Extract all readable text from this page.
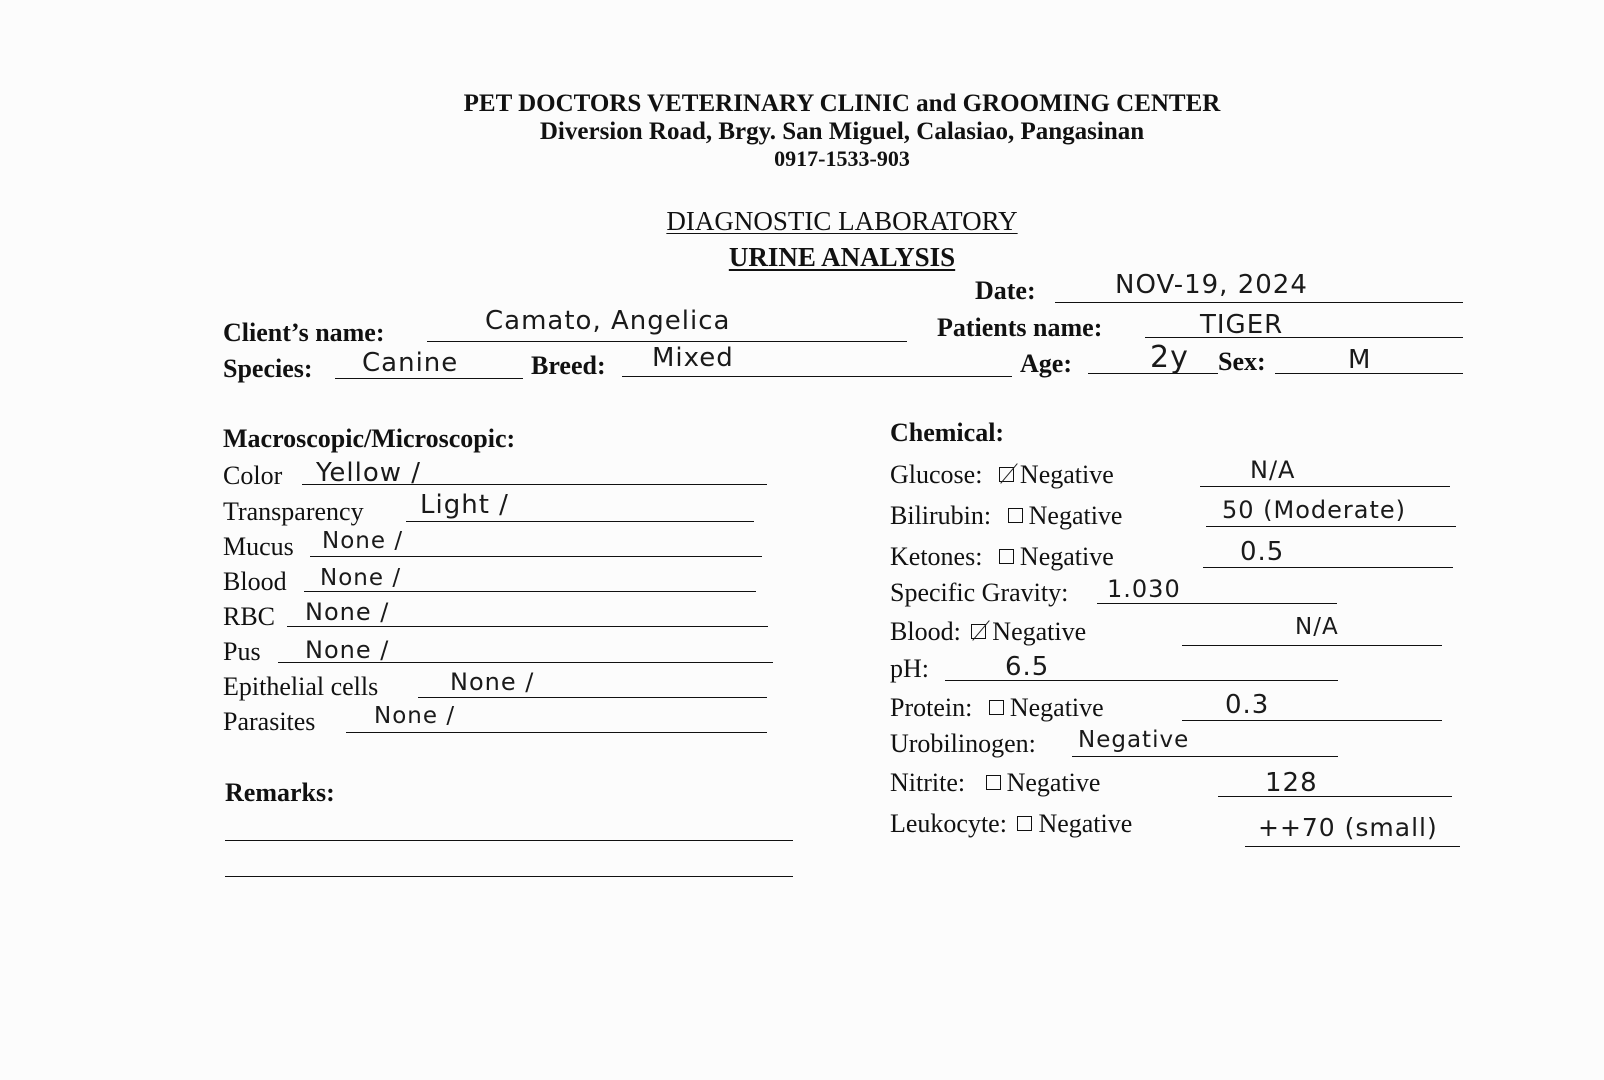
PET DOCTORS VETERINARY CLINIC and GROOMING CENTER
Diversion Road, Brgy. San Miguel, Calasiao, Pangasinan
0917-1533-903
DIAGNOSTIC LABORATORY
URINE ANALYSIS
Date:	NOV-19, 2024
Client’s name:	Camato, Angelica	Patients name:	TIGER
Species: Canine	Breed: Mixed	Age:	2y Sex:	M
Macroscopic/Microscopic:
Color Yellow /
Transparency Light /
Mucus None /
Blood None /
RBC None /
Pus None /
Epithelial cells	None /
Parasites	None /
Remarks:
Chemical:
Glucose: Negative	N/A
Bilirubin: Negative	50 (Moderate)
Ketones: Negative	0.5
Specific Gravity: 1.030
Blood: Negative	N/A
pH:	6.5
Protein: Negative	0.3
Urobilinogen: Negative
Nitrite: Negative	128
Leukocyte: Negative	++70 (small)
